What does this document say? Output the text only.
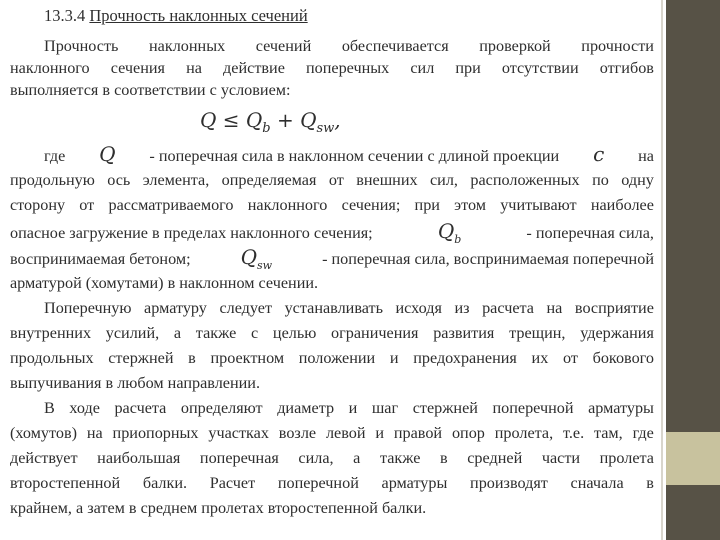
13.3.4 Прочность наклонных сечений
Прочность наклонных сечений обеспечивается проверкой прочности
наклонного сечения на действие поперечных сил при отсутствии отгибов
выполняется в соответствии с условием:
$Q \le Q_b + Q_{sw}$,
где Q - поперечная сила в наклонном сечении с длиной проекции c на
продольную ось элемента, определяемая от внешних сил, расположенных по одну
сторону от рассматриваемого наклонного сечения; при этом учитывают наиболее
опасное загружение в пределах наклонного сечения;	$Q_b$	- поперечная сила,
воспринимаемая бетоном; $Q_{sw}$	- поперечная сила, воспринимаемая поперечной
арматурой (хомутами) в наклонном сечении.
Поперечную арматуру следует устанавливать исходя из расчета на восприятие
внутренних усилий, а также с целью ограничения развития трещин, удержания
продольных стержней в проектном положении и предохранения их от бокового
выпучивания в любом направлении.
В ходе расчета определяют диаметр и шаг стержней поперечной арматуры
(хомутов) на приопорных участках возле левой и правой опор пролета, т.е. там, где
действует наибольшая поперечная сила, а также в средней части пролета
второстепенной балки. Расчет поперечной арматуры производят сначала в
крайнем, а затем в среднем пролетах второстепенной балки.
